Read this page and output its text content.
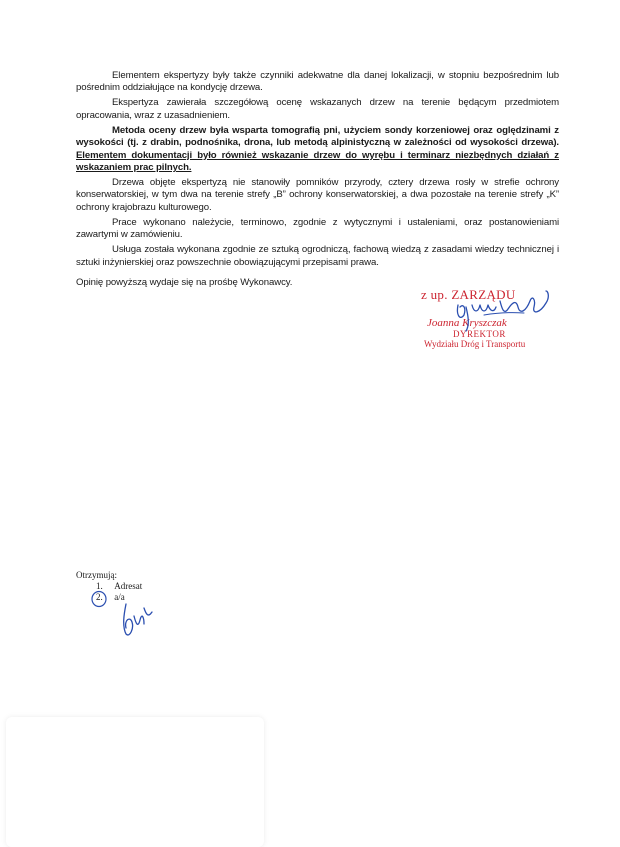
Elementem ekspertyzy były także czynniki adekwatne dla danej lokalizacji, w stopniu bezpośrednim lub pośrednim oddziałujące na kondycję drzewa.

Ekspertyza zawierała szczegółową ocenę wskazanych drzew na terenie będącym przedmiotem opracowania, wraz z uzasadnieniem.

Metoda oceny drzew była wsparta tomografią pni, użyciem sondy korzeniowej oraz oględzinami z wysokości (tj. z drabin, podnośnika, drona, lub metodą alpinistyczną w zależności od wysokości drzewa). Elementem dokumentacji było również wskazanie drzew do wyrębu i terminarz niezbędnych działań z wskazaniem prac pilnych.

Drzewa objęte ekspertyzą nie stanowiły pomników przyrody, cztery drzewa rosły w strefie ochrony konserwatorskiej, w tym dwa na terenie strefy „B” ochrony konserwatorskiej, a dwa pozostałe na terenie strefy „K” ochrony krajobrazu kulturowego.

Prace wykonano należycie, terminowo, zgodnie z wytycznymi i ustaleniami, oraz postanowieniami zawartymi w zamówieniu.

Usługa została wykonana zgodnie ze sztuką ogrodniczą, fachową wiedzą z zasadami wiedzy technicznej i sztuki inżynierskiej oraz powszechnie obowiązującymi przepisami prawa.

Opinię powyższą wydaje się na prośbę Wykonawcy.

z up. ZARZĄDU
Joanna Kryszczak
DYREKTOR
Wydziału Dróg i Transportu
Otrzymują:
1. Adresat
2. a/a
